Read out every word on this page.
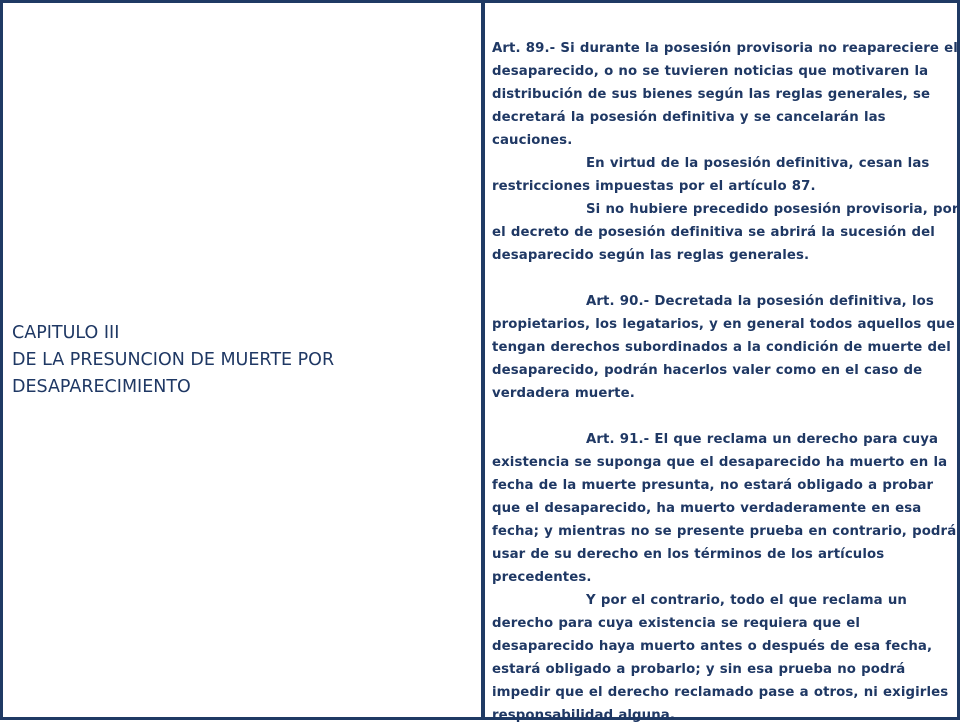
CAPITULO III
DE LA PRESUNCION DE MUERTE POR
DESAPARECIMIENTO

Art. 89.- Si durante la posesión provisoria no reapareciere el desaparecido, o no se tuvieren noticias que motivaren la distribución de sus bienes según las reglas generales, se decretará la posesión definitiva y se cancelarán las cauciones.

En virtud de la posesión definitiva, cesan las restricciones impuestas por el artículo 87.

Si no hubiere precedido posesión provisoria, por el decreto de posesión definitiva se abrirá la sucesión del desaparecido según las reglas generales.

Art. 90.- Decretada la posesión definitiva, los propietarios, los legatarios, y en general todos aquellos que tengan derechos subordinados a la condición de muerte del desaparecido, podrán hacerlos valer como en el caso de verdadera muerte.

Art. 91.- El que reclama un derecho para cuya existencia se suponga que el desaparecido ha muerto en la fecha de la muerte presunta, no estará obligado a probar que el desaparecido, ha muerto verdaderamente en esa fecha; y mientras no se presente prueba en contrario, podrá usar de su derecho en los términos de los artículos precedentes.

Y por el contrario, todo el que reclama un derecho para cuya existencia se requiera que el desaparecido haya muerto antes o después de esa fecha, estará obligado a probarlo; y sin esa prueba no podrá impedir que el derecho reclamado pase a otros, ni exigirles responsabilidad alguna.
